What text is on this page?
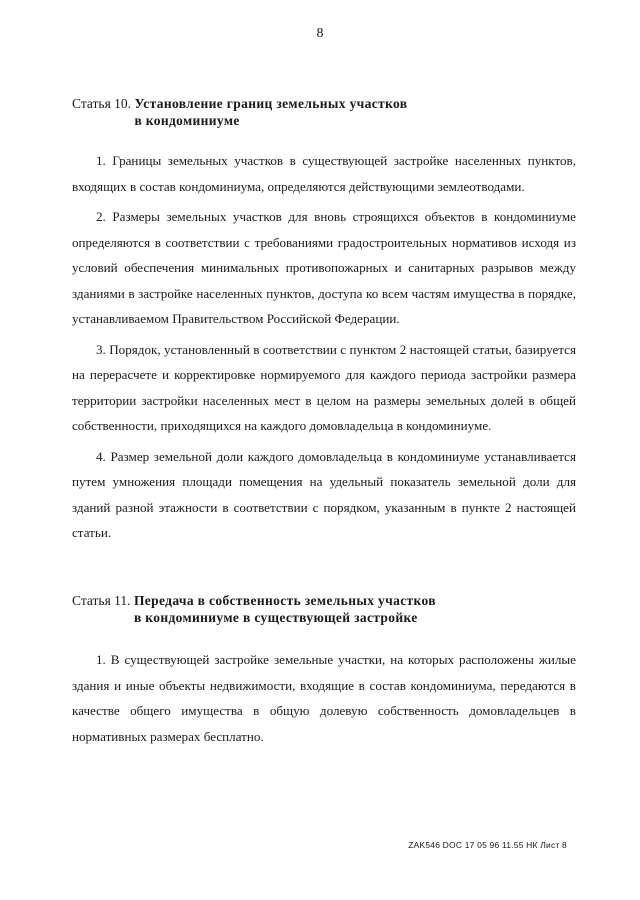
8
Статья 10. Установление границ земельных участков
в кондоминиуме

1. Границы земельных участков в существующей застройке населенных пунктов, входящих в состав кондоминиума, определяются действующими землеотводами.

2. Размеры земельных участков для вновь строящихся объектов в кондоминиуме определяются в соответствии с требованиями градостроительных нормативов исходя из условий обеспечения минимальных противопожарных и санитарных разрывов между зданиями в застройке населенных пунктов, доступа ко всем частям имущества в порядке, устанавливаемом Правительством Российской Федерации.

3. Порядок, установленный в соответствии с пунктом 2 настоящей статьи, базируется на перерасчете и корректировке нормируемого для каждого периода застройки размера территории застройки населенных мест в целом на размеры земельных долей в общей собственности, приходящихся на каждого домовладельца в кондоминиуме.

4. Размер земельной доли каждого домовладельца в кондоминиуме устанавливается путем умножения площади помещения на удельный показатель земельной доли для зданий разной этажности в соответствии с порядком, указанным в пункте 2 настоящей статьи.

Статья 11. Передача в собственность земельных участков
в кондоминиуме в существующей застройке

1. В существующей застройке земельные участки, на которых расположены жилые здания и иные объекты недвижимости, входящие в состав кондоминиума, передаются в качестве общего имущества в общую долевую собственность домовладельцев в нормативных размерах бесплатно.

ZAK546 DOC 17 05 96 11.55 НК Лист 8
